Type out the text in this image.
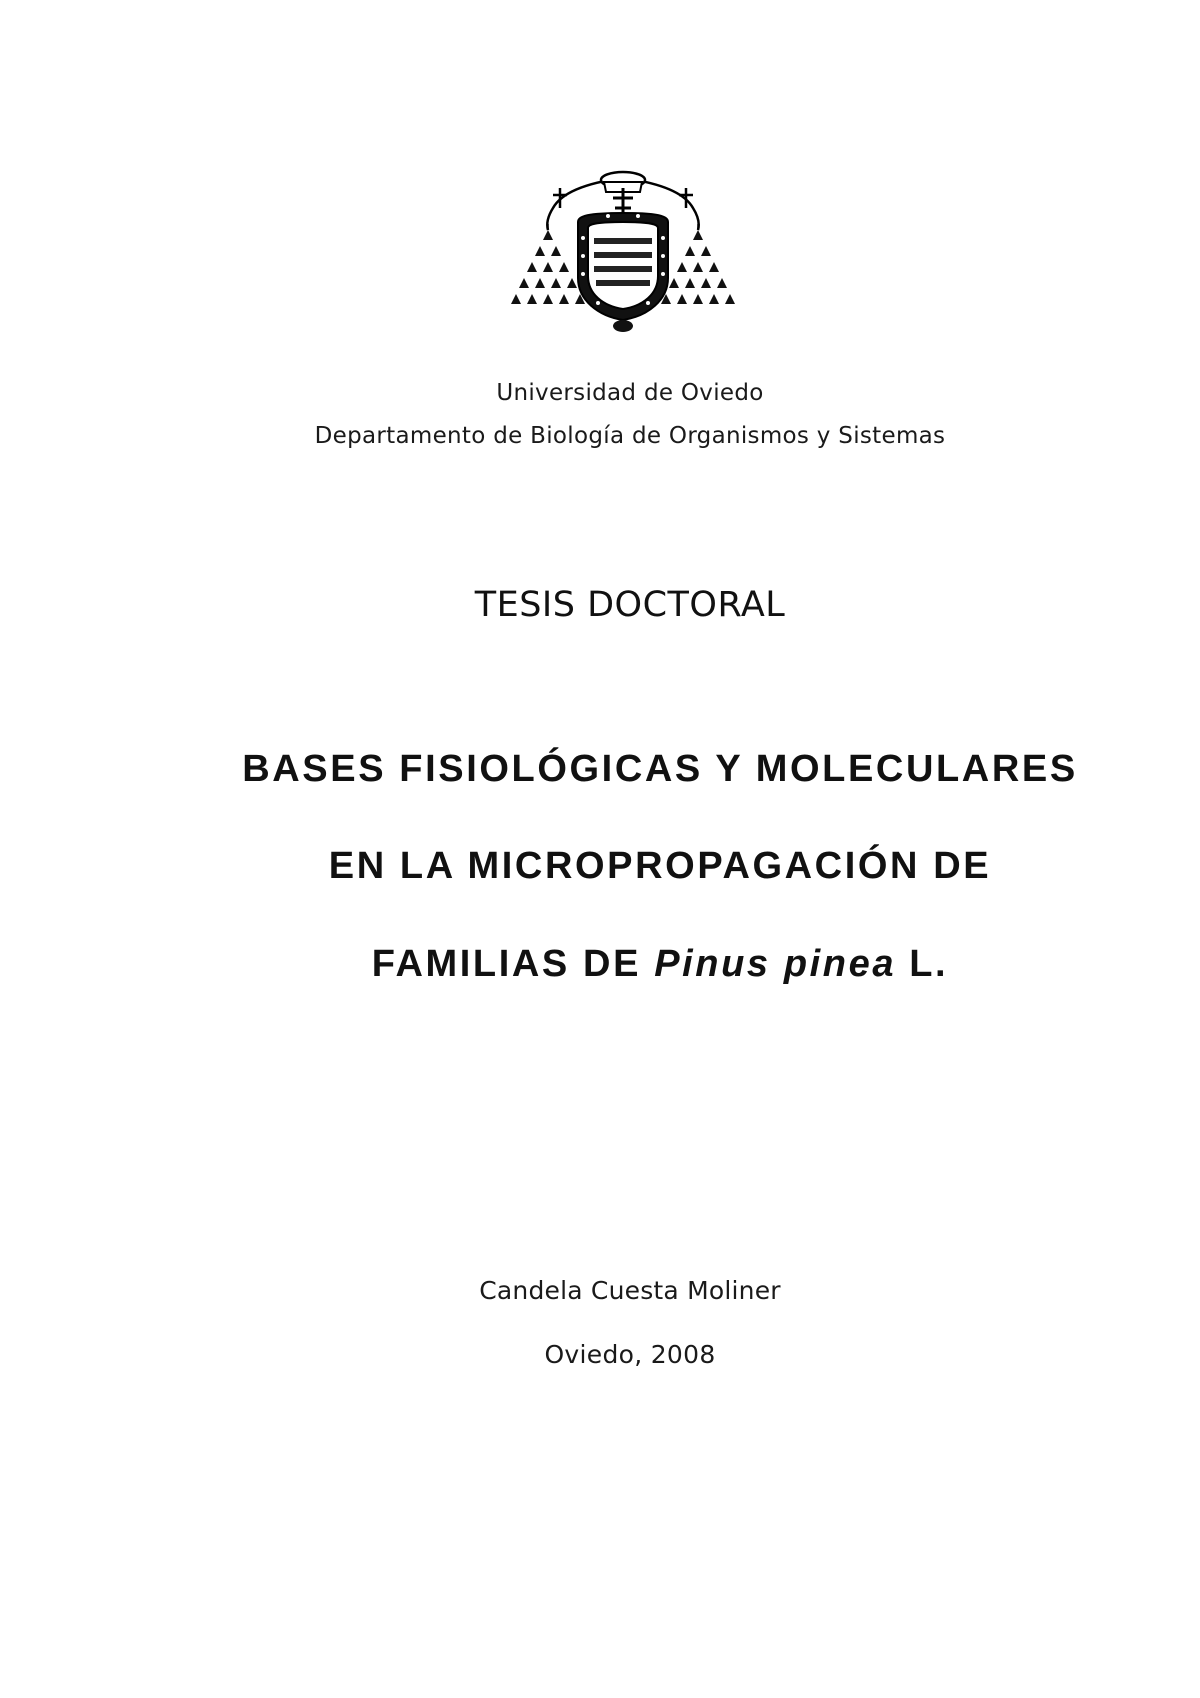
Universidad de Oviedo
Departamento de Biología de Organismos y Sistemas
TESIS DOCTORAL
BASES FISIOLÓGICAS Y MOLECULARES
EN LA MICROPROPAGACIÓN DE
FAMILIAS DE Pinus pinea L.
Candela Cuesta Moliner
Oviedo, 2008
